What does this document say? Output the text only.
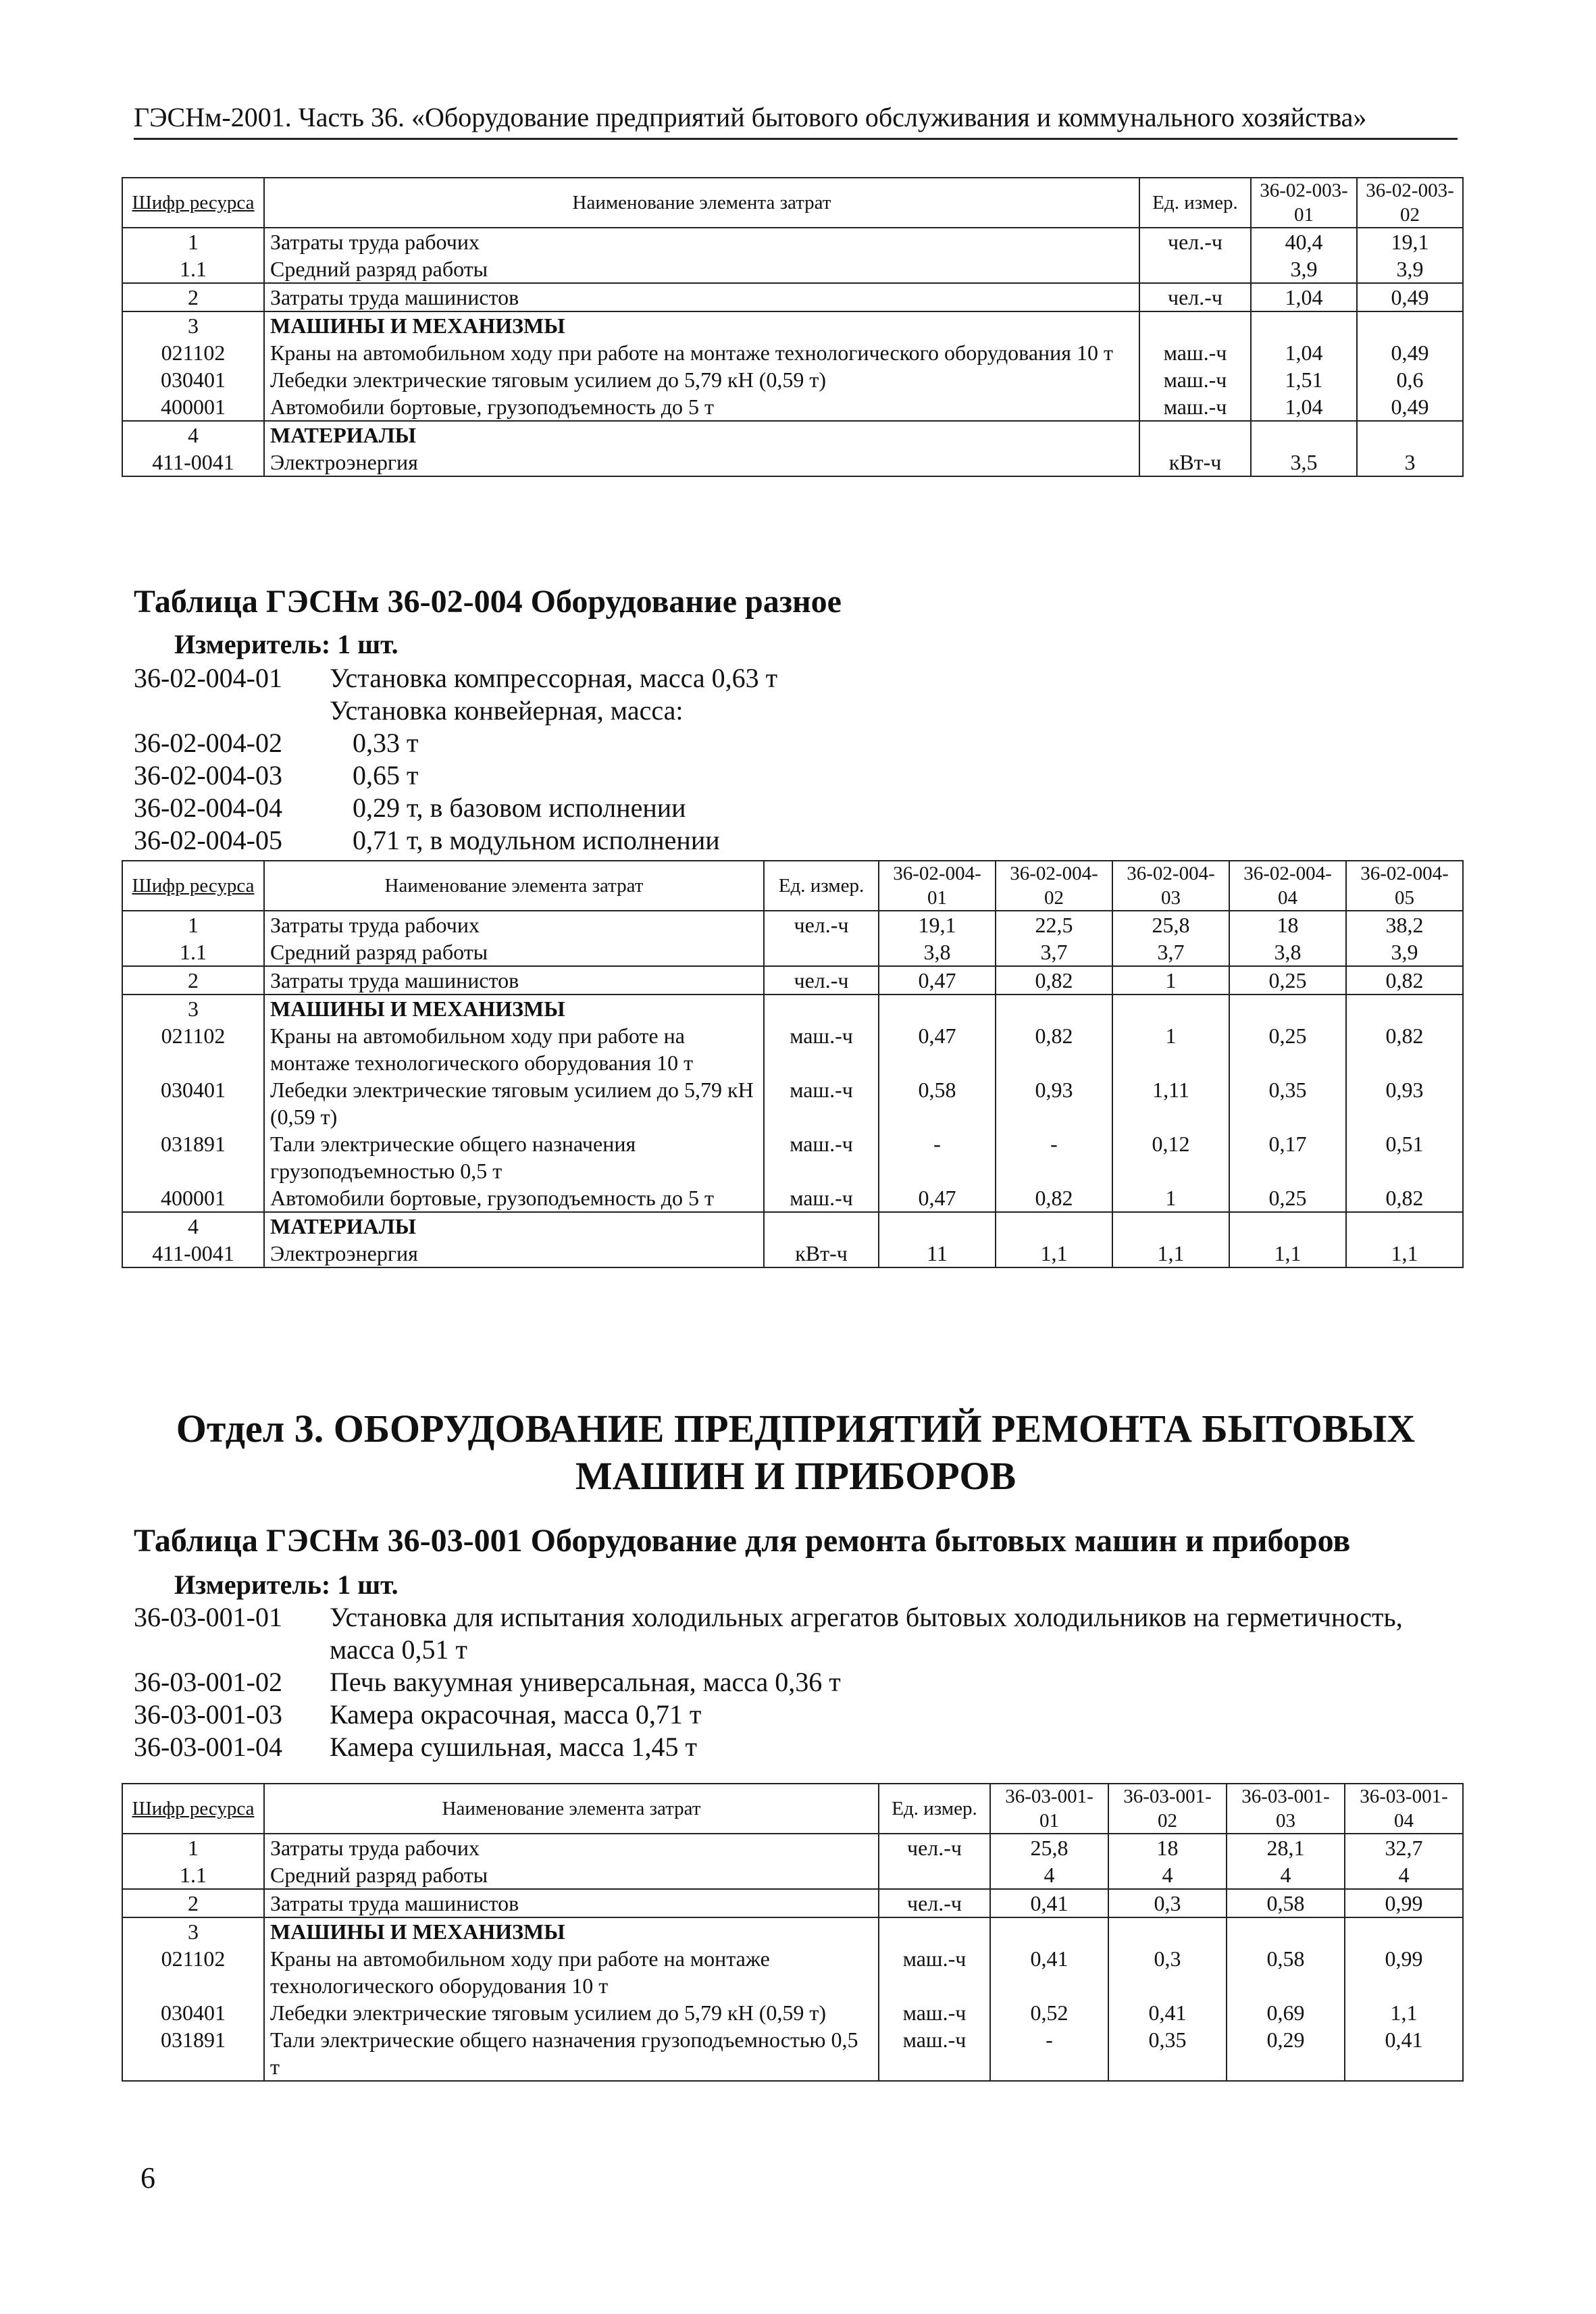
ГЭСНм-2001. Часть 36. «Оборудование предприятий бытового обслуживания и коммунального хозяйства»
Шифр ресурса	Наименование элемента затрат	Ед. измер.	36-02-003-01	36-02-003-02
1	Затраты труда рабочих	чел.-ч	40,4	19,1
1.1	Средний разряд работы		3,9	3,9
2	Затраты труда машинистов	чел.-ч	1,04	0,49
3	МАШИНЫ И МЕХАНИЗМЫ			
021102	Краны на автомобильном ходу при работе на монтаже технологического оборудования 10 т	маш.-ч	1,04	0,49
030401	Лебедки электрические тяговым усилием до 5,79 кН (0,59 т)	маш.-ч	1,51	0,6
400001	Автомобили бортовые, грузоподъемность до 5 т	маш.-ч	1,04	0,49
4	МАТЕРИАЛЫ			
411-0041	Электроэнергия	кВт-ч	3,5	3
Таблица ГЭСНм 36-02-004 Оборудование разное
Измеритель: 1 шт.
36-02-004-01	Установка компрессорная, масса 0,63 т
Установка конвейерная, масса:
36-02-004-02	0,33 т
36-02-004-03	0,65 т
36-02-004-04	0,29 т, в базовом исполнении
36-02-004-05	0,71 т, в модульном исполнении
Шифр ресурса	Наименование элемента затрат	Ед. измер.	36-02-004-01	36-02-004-02	36-02-004-03	36-02-004-04	36-02-004-05
1	Затраты труда рабочих	чел.-ч	19,1	22,5	25,8	18	38,2
1.1	Средний разряд работы		3,8	3,7	3,7	3,8	3,9
2	Затраты труда машинистов	чел.-ч	0,47	0,82	1	0,25	0,82
3	МАШИНЫ И МЕХАНИЗМЫ						
021102	Краны на автомобильном ходу при работе на монтаже технологического оборудования 10 т	маш.-ч	0,47	0,82	1	0,25	0,82
030401	Лебедки электрические тяговым усилием до 5,79 кН (0,59 т)	маш.-ч	0,58	0,93	1,11	0,35	0,93
031891	Тали электрические общего назначения грузоподъемностью 0,5 т	маш.-ч	-	-	0,12	0,17	0,51
400001	Автомобили бортовые, грузоподъемность до 5 т	маш.-ч	0,47	0,82	1	0,25	0,82
4	МАТЕРИАЛЫ						
411-0041	Электроэнергия	кВт-ч	11	1,1	1,1	1,1	1,1
Отдел 3. ОБОРУДОВАНИЕ ПРЕДПРИЯТИЙ РЕМОНТА БЫТОВЫХ МАШИН И ПРИБОРОВ
Таблица ГЭСНм 36-03-001 Оборудование для ремонта бытовых машин и приборов
Измеритель: 1 шт.
36-03-001-01	Установка для испытания холодильных агрегатов бытовых холодильников на герметичность, масса 0,51 т
36-03-001-02	Печь вакуумная универсальная, масса 0,36 т
36-03-001-03	Камера окрасочная, масса 0,71 т
36-03-001-04	Камера сушильная, масса 1,45 т
Шифр ресурса	Наименование элемента затрат	Ед. измер.	36-03-001-01	36-03-001-02	36-03-001-03	36-03-001-04
1	Затраты труда рабочих	чел.-ч	25,8	18	28,1	32,7
1.1	Средний разряд работы		4	4	4	4
2	Затраты труда машинистов	чел.-ч	0,41	0,3	0,58	0,99
3	МАШИНЫ И МЕХАНИЗМЫ					
021102	Краны на автомобильном ходу при работе на монтаже технологического оборудования 10 т	маш.-ч	0,41	0,3	0,58	0,99
030401	Лебедки электрические тяговым усилием до 5,79 кН (0,59 т)	маш.-ч	0,52	0,41	0,69	1,1
031891	Тали электрические общего назначения грузоподъемностью 0,5 т	маш.-ч	-	0,35	0,29	0,41
6
